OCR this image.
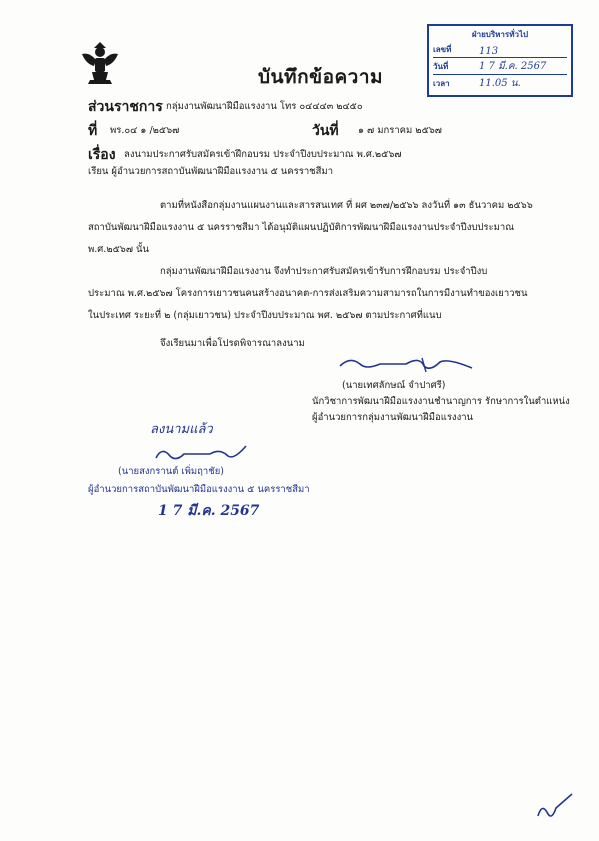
บันทึกข้อความ
ฝ่ายบริหารทั่วไป
เลขที่	113
วันที่	1 7 มี.ค. 2567
เวลา	11.05 น.
ส่วนราชการ กลุ่มงานพัฒนาฝีมือแรงงาน โทร ๐๔๔๔๓ ๒๔๕๐
ที่ พร.๐๔ ๑ /๒๕๖๗	วันที่ ๑ ๗ มกราคม ๒๕๖๗
เรื่อง ลงนามประกาศรับสมัครเข้าฝึกอบรม ประจำปีงบประมาณ พ.ศ.๒๕๖๗
เรียน ผู้อำนวยการสถาบันพัฒนาฝีมือแรงงาน ๕ นครราชสีมา
ตามที่หนังสือกลุ่มงานแผนงานและสารสนเทศ ที่ ผศ ๒๓๗/๒๕๖๖ ลงวันที่ ๑๓ ธันวาคม ๒๕๖๖
สถาบันพัฒนาฝีมือแรงงาน ๕ นครราชสีมา ได้อนุมัติแผนปฏิบัติการพัฒนาฝีมือแรงงานประจำปีงบประมาณ
พ.ศ.๒๕๖๗ นั้น
กลุ่มงานพัฒนาฝีมือแรงงาน จึงทำประกาศรับสมัครเข้ารับการฝึกอบรม ประจำปีงบ
ประมาณ พ.ศ.๒๕๖๗ โครงการเยาวชนคนสร้างอนาคต-การส่งเสริมความสามารถในการมีงานทำของเยาวชน
ในประเทศ ระยะที่ ๒ (กลุ่มเยาวชน) ประจำปีงบประมาณ พศ. ๒๕๖๗ ตามประกาศที่แนบ
จึงเรียนมาเพื่อโปรดพิจารณาลงนาม
(นายเทศลักษณ์ จำปาศรี)
นักวิชาการพัฒนาฝีมือแรงงานชำนาญการ รักษาการในตำแหน่ง
ผู้อำนวยการกลุ่มงานพัฒนาฝีมือแรงงาน
ลงนามแล้ว
(นายสงกรานต์ เพิ่มฤาชัย)
ผู้อำนวยการสถาบันพัฒนาฝีมือแรงงาน ๕ นครราชสีมา
1 7 มี.ค. 2567
